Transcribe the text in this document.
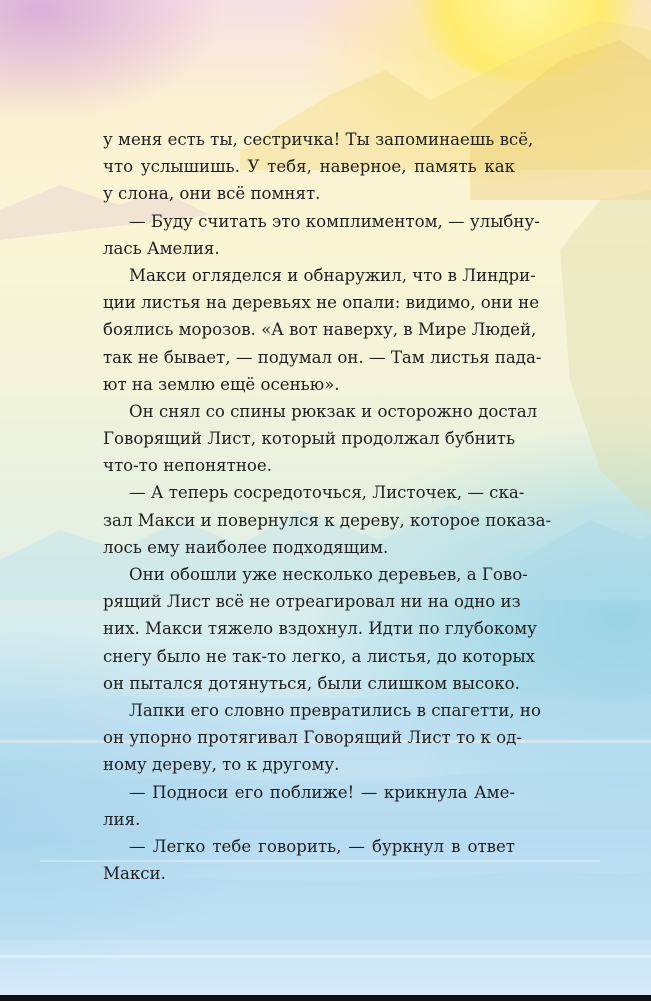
у меня есть ты, сестричка! Ты запоминаешь всё,
что услышишь. У тебя, наверное, память как
у слона, они всё помнят.
— Буду считать это комплиментом, — улыбну-
лась Амелия.
Макси огляделся и обнаружил, что в Линдри-
ции листья на деревьях не опали: видимо, они не
боялись морозов. «А вот наверху, в Мире Людей,
так не бывает, — подумал он. — Там листья пада-
ют на землю ещё осенью».
Он снял со спины рюкзак и осторожно достал
Говорящий Лист, который продолжал бубнить
что-то непонятное.
— А теперь сосредоточься, Листочек, — ска-
зал Макси и повернулся к дереву, которое показа-
лось ему наиболее подходящим.
Они обошли уже несколько деревьев, а Гово-
рящий Лист всё не отреагировал ни на одно из
них. Макси тяжело вздохнул. Идти по глубокому
снегу было не так-то легко, а листья, до которых
он пытался дотянуться, были слишком высоко.
Лапки его словно превратились в спагетти, но
он упорно протягивал Говорящий Лист то к од-
ному дереву, то к другому.
— Подноси его поближе! — крикнула Аме-
лия.
— Легко тебе говорить, — буркнул в ответ
Макси.
